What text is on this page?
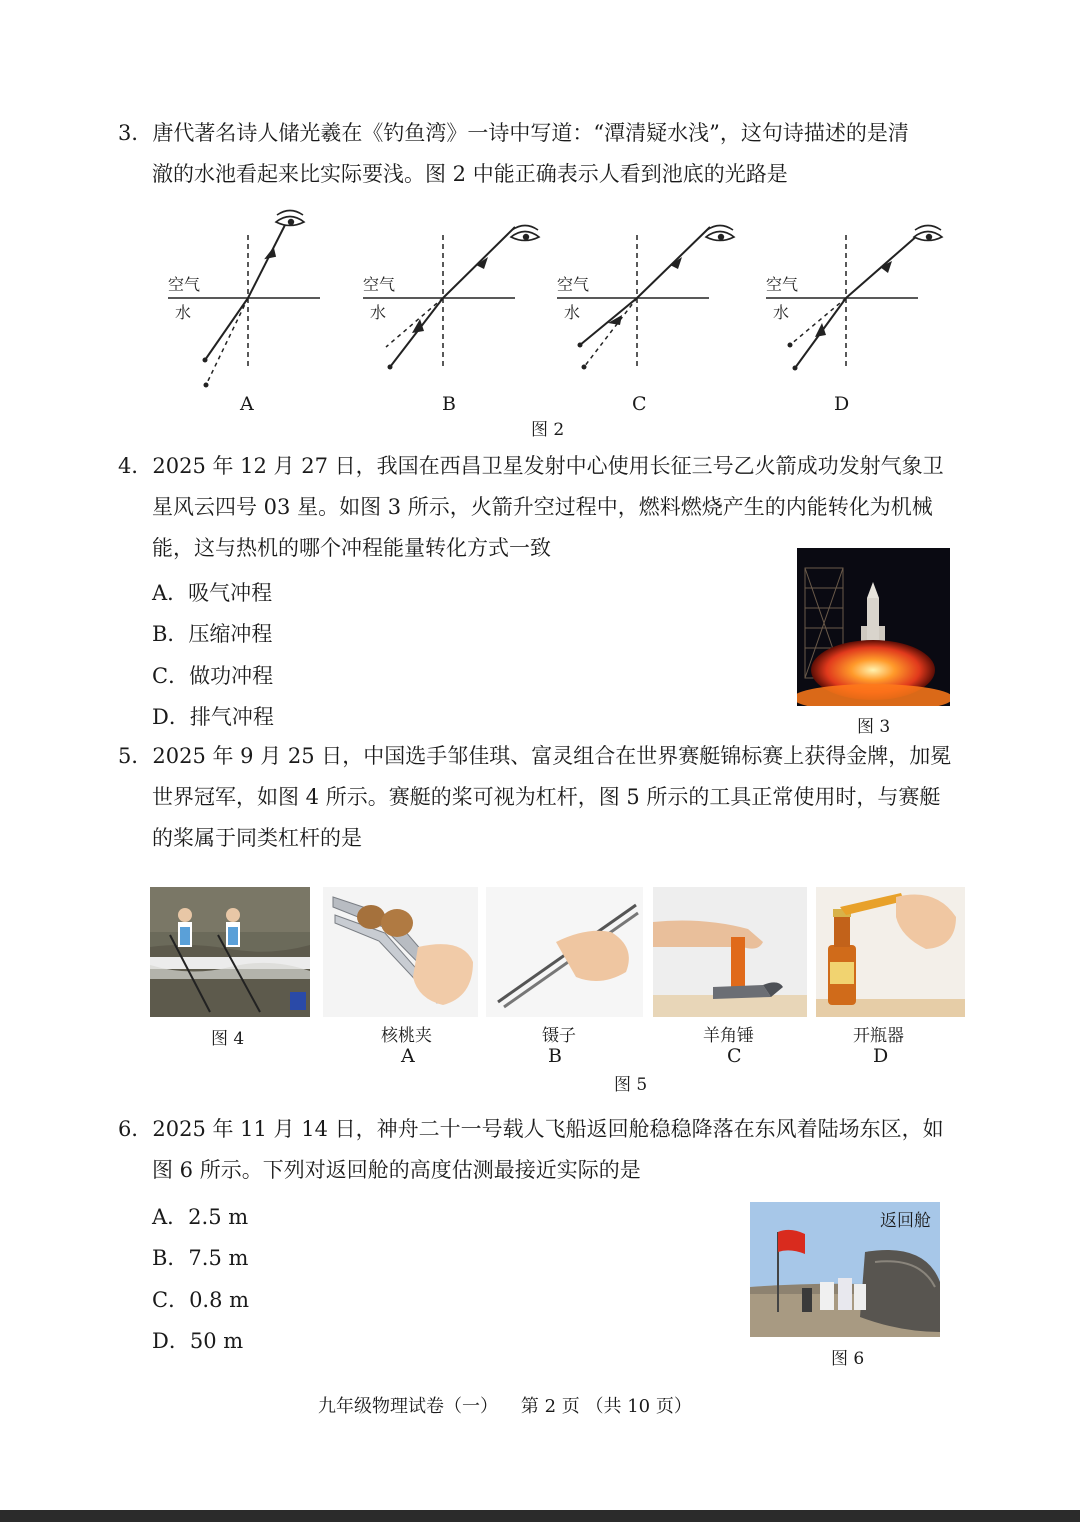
3．唐代著名诗人储光羲在《钓鱼湾》一诗中写道：“潭清疑水浅”，这句诗描述的是清
澈的水池看起来比实际要浅。图 2 中能正确表示人看到池底的光路是
空气
水
空气
水
空气
水
空气
水
A	B	C	D
图 2
4．2025 年 12 月 27 日，我国在西昌卫星发射中心使用长征三号乙火箭成功发射气象卫
星风云四号 03 星。如图 3 所示，火箭升空过程中，燃料燃烧产生的内能转化为机械
能，这与热机的哪个冲程能量转化方式一致
A．吸气冲程
B．压缩冲程
C．做功冲程
D．排气冲程	图 3
5．2025 年 9 月 25 日，中国选手邹佳琪、富灵组合在世界赛艇锦标赛上获得金牌，加冕
世界冠军，如图 4 所示。赛艇的桨可视为杠杆，图 5 所示的工具正常使用时，与赛艇
的桨属于同类杠杆的是
图 4	核桃夹
A
镊子
B
羊角锤
C
开瓶器
D
图 5
6．2025 年 11 月 14 日，神舟二十一号载人飞船返回舱稳稳降落在东风着陆场东区，如
图 6 所示。下列对返回舱的高度估测最接近实际的是
A．2.5 m
B．7.5 m
C．0.8 m
D．50 m
返回舱
图 6
九年级物理试卷（一）    第 2 页 （共 10 页）
